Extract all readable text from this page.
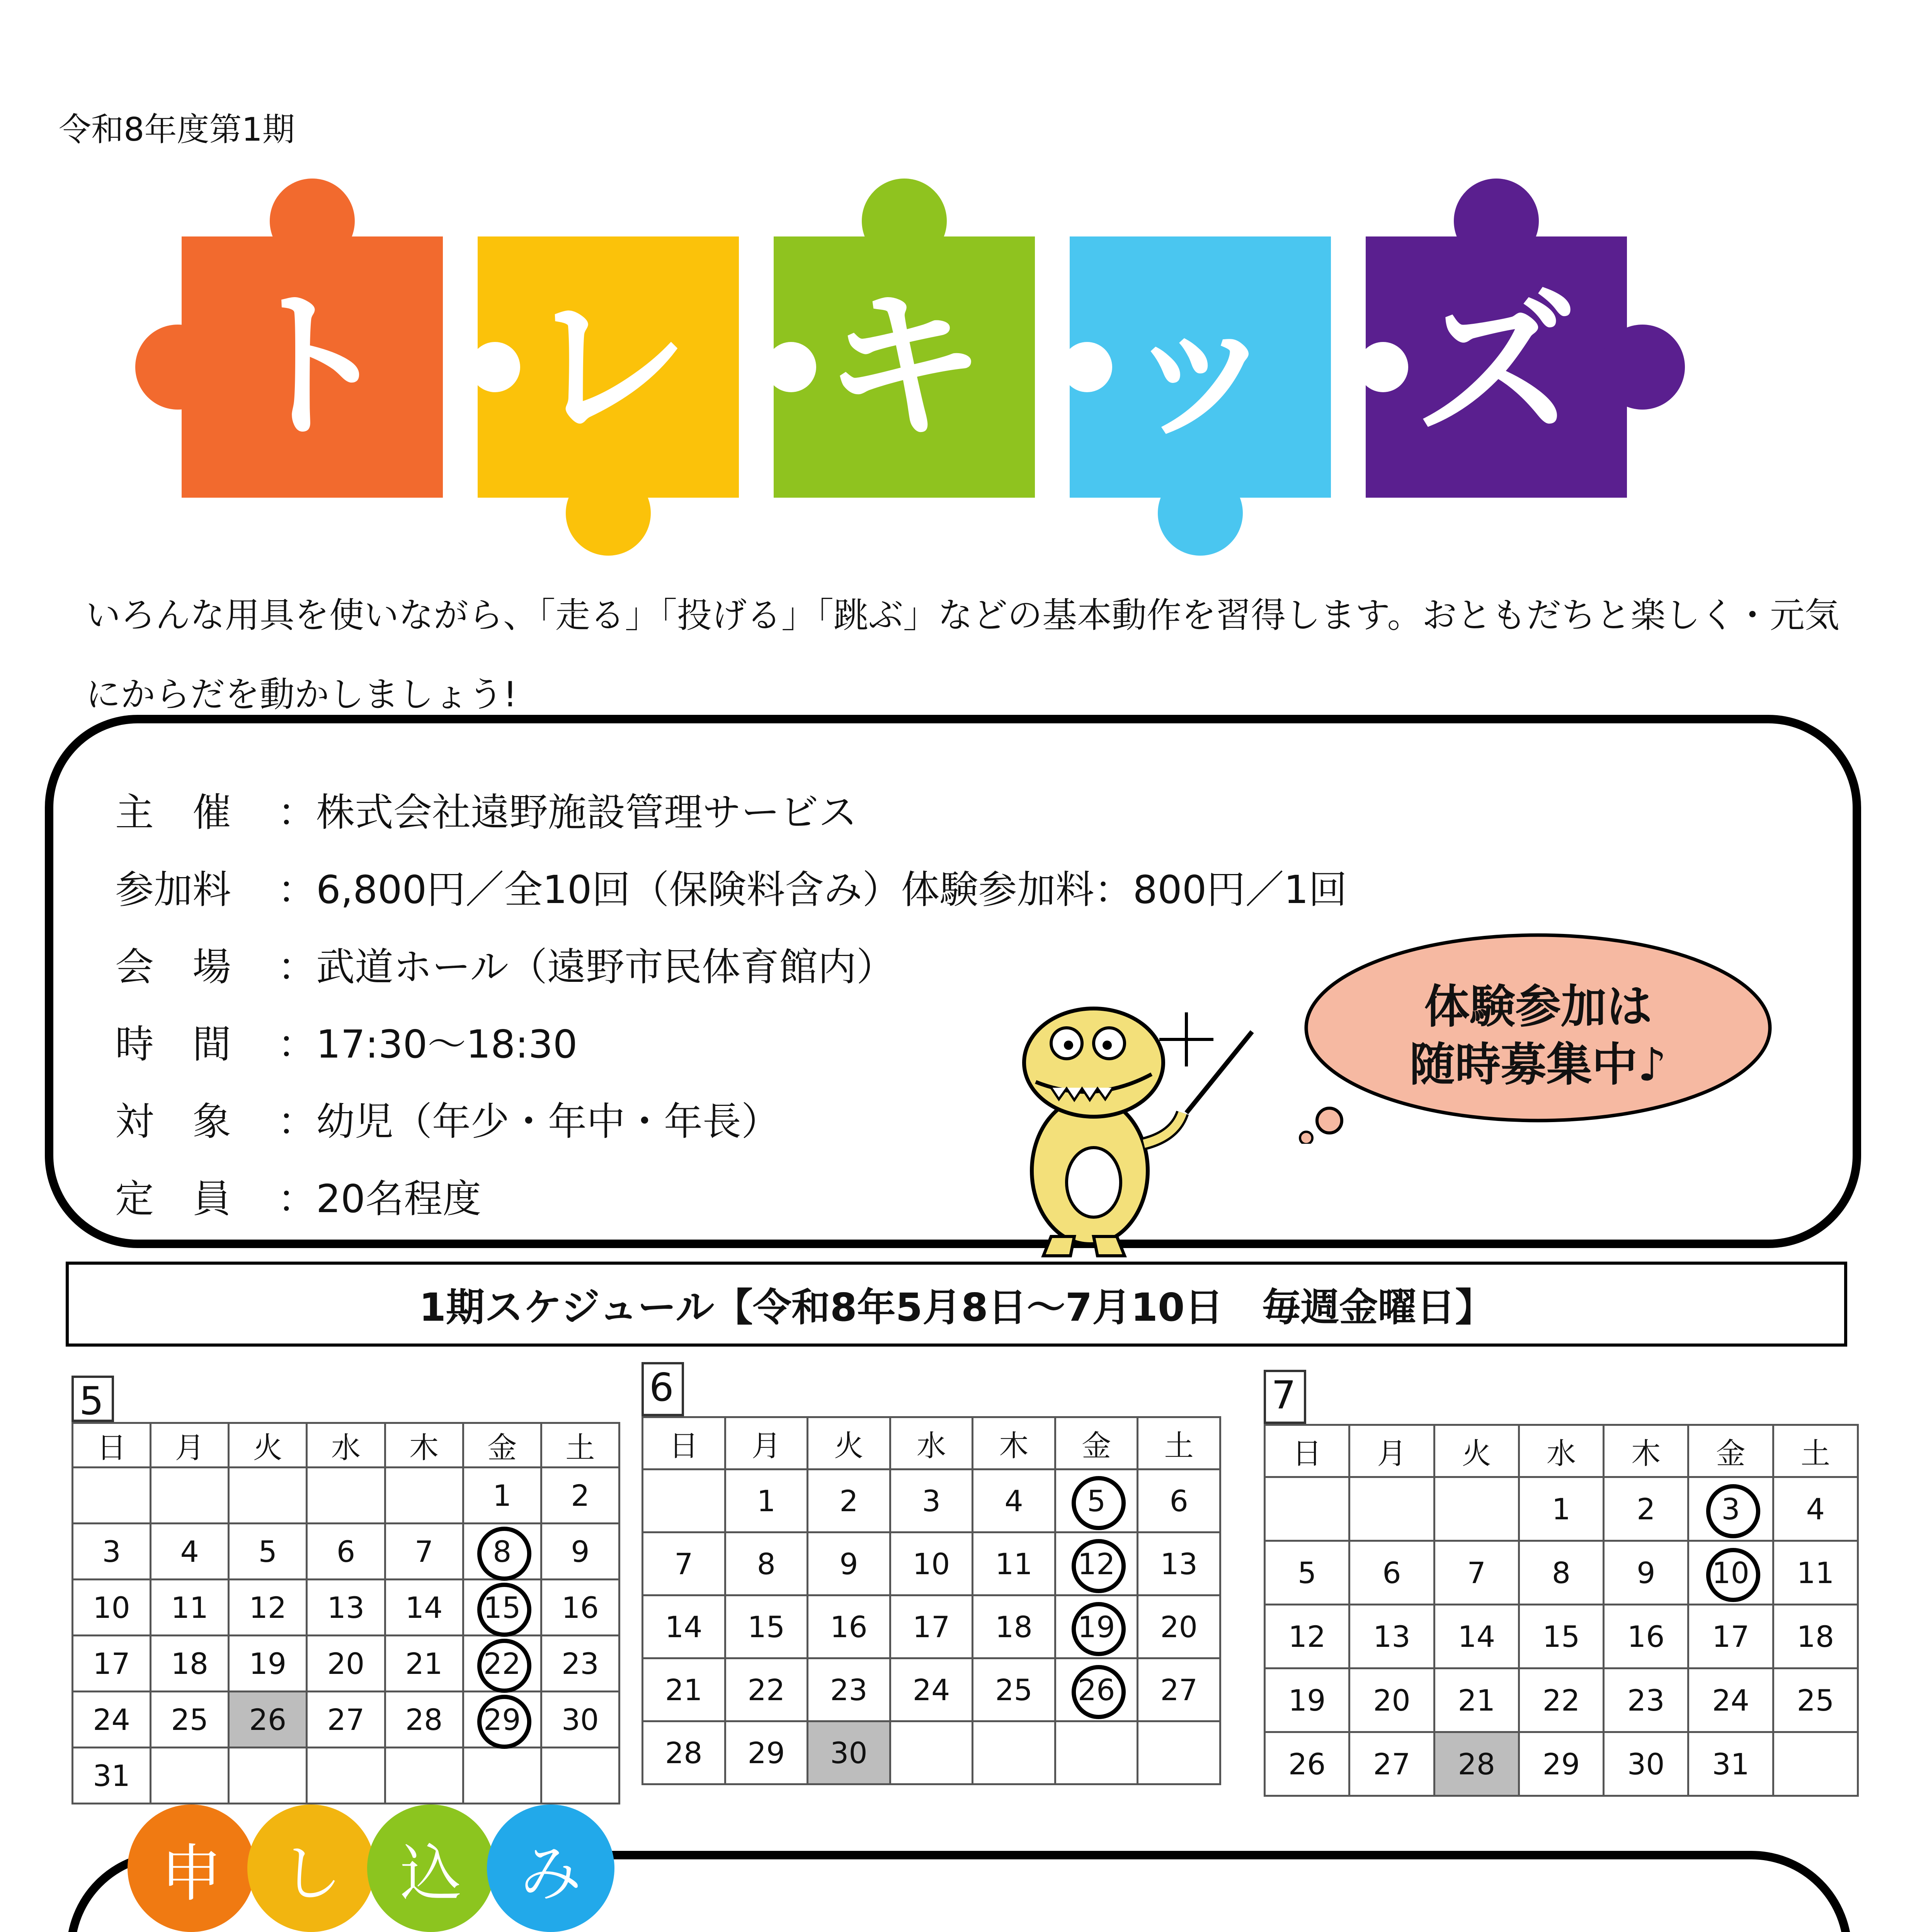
令和8年度第1期
ト レ キ ッ ズ
いろんな用具を使いながら、「走る」「投げる」「跳ぶ」などの基本動作を習得します。おともだちと楽しく・元気にからだを動かしましょう!
主　催 ：株式会社遠野施設管理サービス
参加料 ：6,800円／全10回（保険料含み）体験参加料：800円／1回
会　場 ：武道ホール（遠野市民体育館内）
時　間 ：17:30～18:30
対　象 ：幼児（年少・年中・年長）
定　員 ：20名程度
体験参加は
随時募集中♪
1期スケジュール【令和8年5月8日～7月10日　毎週金曜日】
5
日	月	火	水	木	金	土
					1	2
3	4	5	6	7	8	9
10	11	12	13	14	15	16
17	18	19	20	21	22	23
24	25	26	27	28	29	30
31						
6
日	月	火	水	木	金	土
	1	2	3	4	5	6
7	8	9	10	11	12	13
14	15	16	17	18	19	20
21	22	23	24	25	26	27
28	29	30				
7
日	月	火	水	木	金	土
			1	2	3	4
5	6	7	8	9	10	11
12	13	14	15	16	17	18
19	20	21	22	23	24	25
26	27	28	29	30	31	
申 し 込 み
